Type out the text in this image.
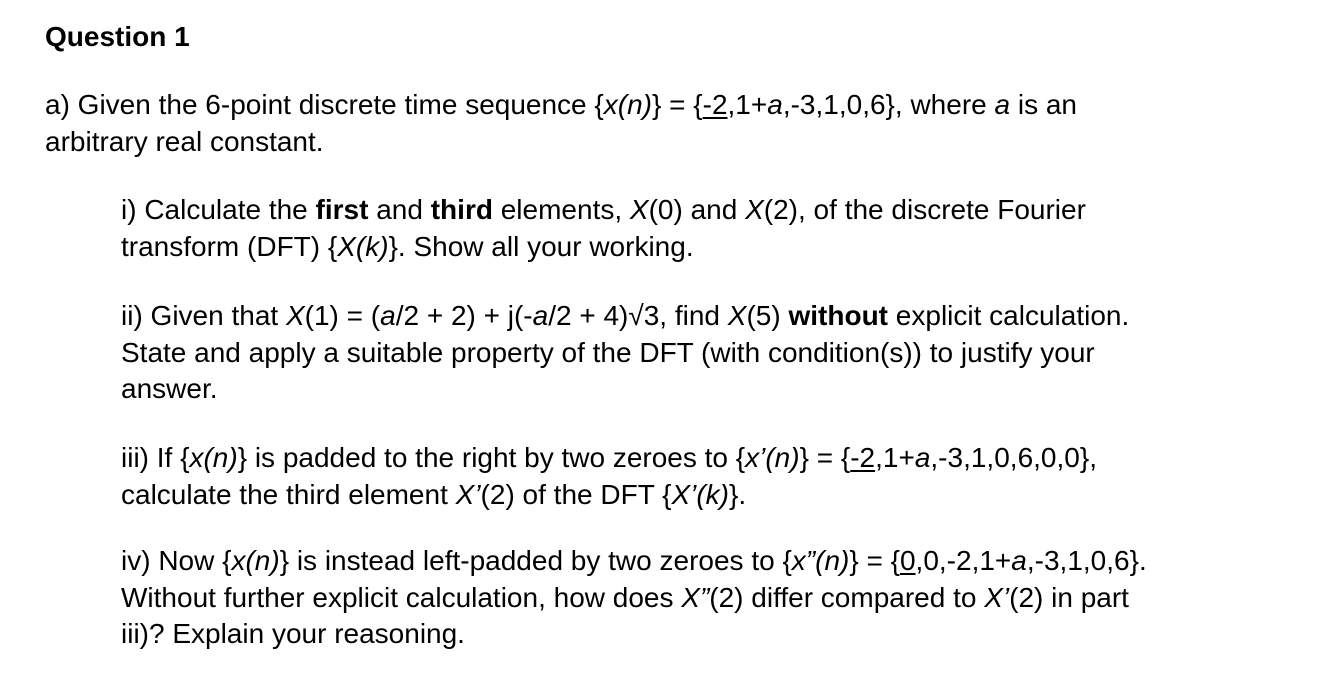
Question 1
a) Given the 6-point discrete time sequence {x(n)} = {-2,1+a,-3,1,0,6}, where a is an
arbitrary real constant.
i) Calculate the first and third elements, X(0) and X(2), of the discrete Fourier
transform (DFT) {X(k)}. Show all your working.
ii) Given that X(1) = (a/2 + 2) + j(-a/2 + 4)√3, find X(5) without explicit calculation.
State and apply a suitable property of the DFT (with condition(s)) to justify your
answer.
iii) If {x(n)} is padded to the right by two zeroes to {x’(n)} = {-2,1+a,-3,1,0,6,0,0},
calculate the third element X’(2) of the DFT {X’(k)}.
iv) Now {x(n)} is instead left-padded by two zeroes to {x”(n)} = {0,0,-2,1+a,-3,1,0,6}.
Without further explicit calculation, how does X”(2) differ compared to X’(2) in part
iii)? Explain your reasoning.
